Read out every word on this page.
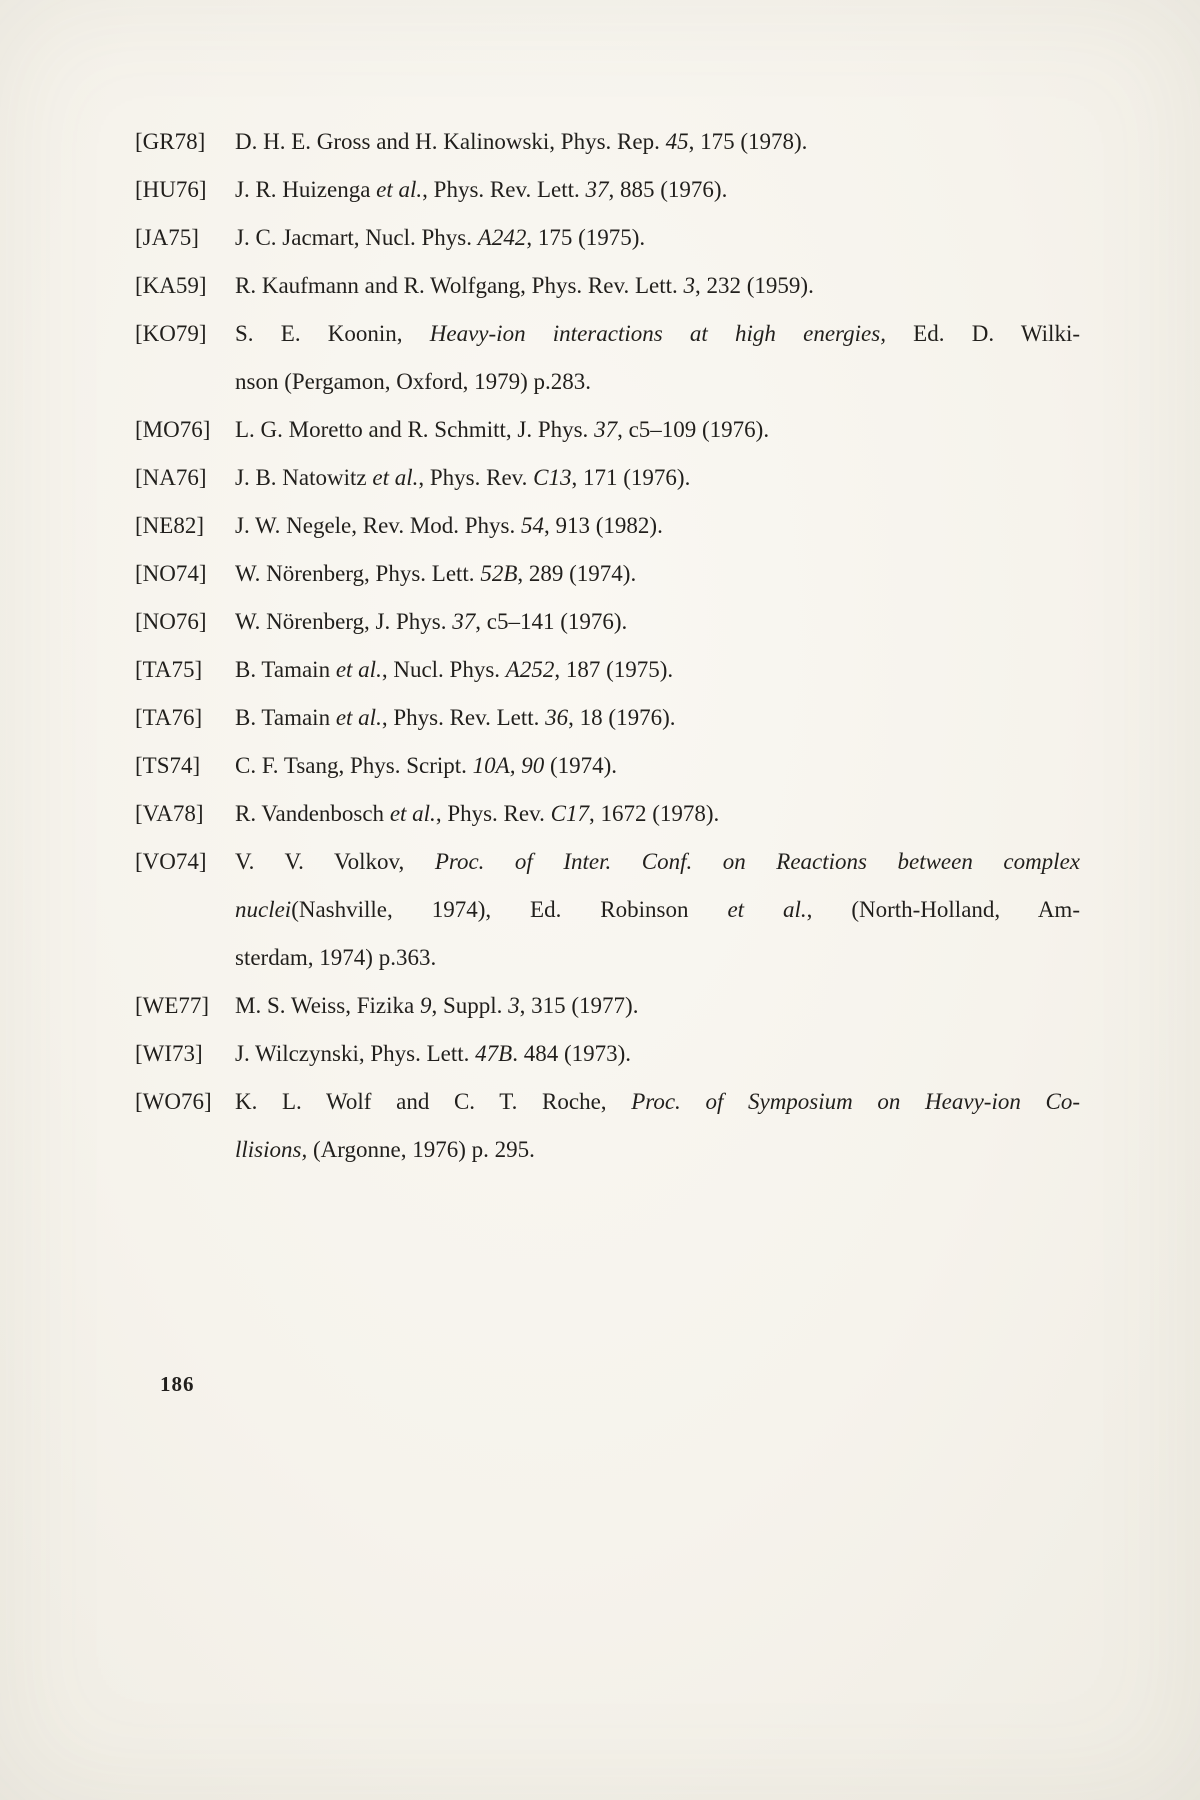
[GR78]	D. H. E. Gross and H. Kalinowski, Phys. Rep. 45, 175 (1978).
[HU76]	J. R. Huizenga et al., Phys. Rev. Lett. 37, 885 (1976).
[JA75]	J. C. Jacmart, Nucl. Phys. A242, 175 (1975).
[KA59]	R. Kaufmann and R. Wolfgang, Phys. Rev. Lett. 3, 232 (1959).
[KO79]	S. E. Koonin, Heavy-ion interactions at high energies, Ed. D. Wilki-
nson (Pergamon, Oxford, 1979) p.283.
[MO76]	L. G. Moretto and R. Schmitt, J. Phys. 37, c5–109 (1976).
[NA76]	J. B. Natowitz et al., Phys. Rev. C13, 171 (1976).
[NE82]	J. W. Negele, Rev. Mod. Phys. 54, 913 (1982).
[NO74]	W. Nörenberg, Phys. Lett. 52B, 289 (1974).
[NO76]	W. Nörenberg, J. Phys. 37, c5–141 (1976).
[TA75]	B. Tamain et al., Nucl. Phys. A252, 187 (1975).
[TA76]	B. Tamain et al., Phys. Rev. Lett. 36, 18 (1976).
[TS74]	C. F. Tsang, Phys. Script. 10A, 90 (1974).
[VA78]	R. Vandenbosch et al., Phys. Rev. C17, 1672 (1978).
[VO74]	V. V. Volkov, Proc. of Inter. Conf. on Reactions between complex
nuclei(Nashville, 1974), Ed. Robinson et al., (North-Holland, Am-
sterdam, 1974) p.363.
[WE77]	M. S. Weiss, Fizika 9, Suppl. 3, 315 (1977).
[WI73]	J. Wilczynski, Phys. Lett. 47B. 484 (1973).
[WO76]	K. L. Wolf and C. T. Roche, Proc. of Symposium on Heavy-ion Co-
llisions, (Argonne, 1976) p. 295.
186
